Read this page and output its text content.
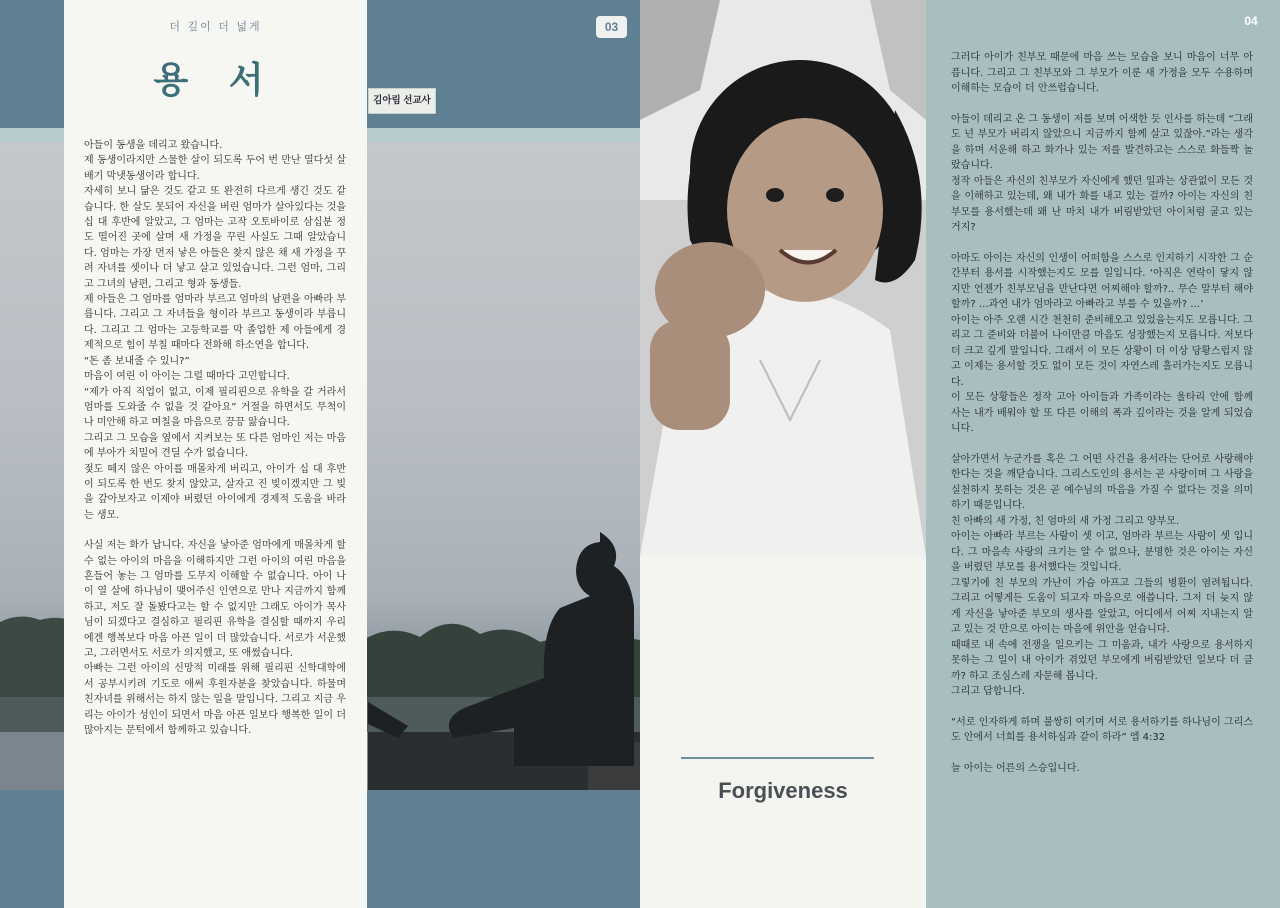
더 깊이 더 넓게
용 서	김아림 선교사
03

아들이 동생을 데리고 왔습니다.

제 동생이라지만 스물한 살이 되도록 두어 번 만난 열다섯 살배기 막냇동생이라 합니다.

자세히 보니 닮은 것도 같고 또 완전히 다르게 생긴 것도 같습니다. 한 살도 못되어 자신을 버린 엄마가 살아있다는 것을 십 대 후반에 알았고, 그 엄마는 고작 오토바이로 삼십분 정도 떨어진 곳에 살며 새 가정을 꾸린 사실도 그때 알았습니다. 엄마는 가장 먼저 낳은 아들은 찾지 않은 채 새 가정을 꾸려 자녀를 셋이나 더 낳고 살고 있었습니다. 그런 엄마, 그리고 그녀의 남편, 그리고 형과 동생들.

제 아들은 그 엄마를 엄마라 부르고 엄마의 남편을 아빠라 부릅니다. 그리고 그 자녀들을 형이라 부르고 동생이라 부릅니다. 그리고 그 엄마는 고등학교를 막 졸업한 제 아들에게 경제적으로 힘이 부칠 때마다 전화해 하소연을 합니다.

“돈 좀 보내줄 수 있니?”

마음이 여린 이 아이는 그럴 때마다 고민합니다.

“제가 아직 직업이 없고, 이제 필리핀으로 유학을 갈 거라서 엄마를 도와줄 수 없을 것 같아요” 거절을 하면서도 무척이나 미안해 하고 며칠을 마음으로 끙끙 앓습니다.

그리고 그 모습을 옆에서 지켜보는 또 다른 엄마인 저는 마음에 부아가 치밀어 견딜 수가 없습니다.

젖도 떼지 않은 아이를 매몰차게 버리고, 아이가 십 대 후반이 되도록 한 번도 찾지 않았고, 살자고 진 빚이겠지만 그 빚을 갚아보자고 이제야 버렸던 아이에게 경제적 도움을 바라는 생모.

사실 저는 화가 납니다. 자신을 낳아준 엄마에게 매몰차게 할 수 없는 아이의 마음을 이해하지만 그런 아이의 여린 마음을 흔들어 놓는 그 엄마를 도무지 이해할 수 없습니다. 아이 나이 열 살에 하나님이 맺어주신 인연으로 만나 지금까지 함께하고, 저도 잘 돌봤다고는 할 수 없지만 그래도 아이가 목사님이 되겠다고 결심하고 필리핀 유학을 결심할 때까지 우리에겐 행복보다 마음 아픈 일이 더 많았습니다. 서로가 서운했고, 그러면서도 서로가 의지했고, 또 애썼습니다.

아빠는 그런 아이의 신망적 미래를 위해 필리핀 신학대학에서 공부시키려 기도로 애써 후원자분을 찾았습니다. 하물며 친자녀를 위해서는 하지 않는 일을 말입니다. 그리고 지금 우리는 아이가 성인이 되면서 마음 아픈 일보다 행복한 일이 더 많아지는 문턱에서 함께하고 있습니다.

Forgiveness
04

그러다 아이가 친부모 때문에 마음 쓰는 모습을 보니 마음이 너무 아픕니다. 그리고 그 친부모와 그 부모가 이룬 새 가정을 모두 수용하며 이해하는 모습이 더 안쓰럽습니다.

아들이 데리고 온 그 동생이 저를 보며 어색한 듯 인사를 하는데 “그래도 넌 부모가 버리지 않았으니 지금까지 함께 살고 있잖아.”라는 생각을 하며 서운해 하고 화가나 있는 저를 발견하고는 스스로 화들짝 놀랐습니다.

정작 아들은 자신의 친부모가 자신에게 했던 일과는 상관없이 모든 것을 이해하고 있는데, 왜 내가 화를 내고 있는 걸까? 아이는 자신의 친부모를 용서했는데 왜 난 마치 내가 버림받았던 아이처럼 굴고 있는 거지?

아마도 아이는 자신의 인생이 어떠함을 스스로 인지하기 시작한 그 순간부터 용서를 시작했는지도 모를 일입니다. ‘아직은 연락이 닿지 않지만 언젠가 친부모님을 만난다면 어찌해야 할까?.. 무슨 말부터 해야 할까? …과연 내가 엄마라고 아빠라고 부를 수 있을까? …’

아이는 아주 오랜 시간 천천히 준비해오고 있었을는지도 모릅니다. 그리고 그 준비와 더불어 나이만큼 마음도 성장했는지 모릅니다. 저보다 더 크고 깊게 말입니다. 그래서 이 모든 상황이 더 이상 당황스럽지 않고 이제는 용서할 것도 없이 모든 것이 자연스레 흘러가는지도 모릅니다.

이 모든 상황들은 정작 고아 아이들과 가족이라는 울타리 안에 함께 사는 내가 배워야 할 또 다른 이해의 폭과 깊이라는 것을 알게 되었습니다.

살아가면서 누군가를 혹은 그 어떤 사건을 용서라는 단어로 사랑해야 한다는 것을 깨닫습니다. 그리스도인의 용서는 곧 사랑이며 그 사랑을 실천하지 못하는 것은 곧 예수님의 마음을 가질 수 없다는 것을 의미하기 때문입니다.

친 아빠의 새 가정, 친 엄마의 새 가정 그리고 양부모.

아이는 아빠라 부르는 사람이 셋 이고, 엄마라 부르는 사람이 셋 입니다. 그 마음속 사랑의 크기는 알 수 없으나, 분명한 것은 아이는 자신을 버렸던 부모를 용서했다는 것입니다.

그렇기에 친 부모의 가난이 가슴 아프고 그들의 병환이 염려됩니다. 그리고 어떻게든 도움이 되고자 마음으로 애씁니다. 그저 더 늦지 않게 자신을 낳아준 부모의 생사를 알았고, 어디에서 어찌 지내는지 알고 있는 것 만으로 아이는 마음에 위안을 얻습니다.

때때로 내 속에 전쟁을 일으키는 그 미움과, 내가 사랑으로 용서하지 못하는 그 일이 내 아이가 겪었던 부모에게 버림받았던 일보다 더 클까? 하고 조심스레 자문해 봅니다.

그리고 답합니다.

“서로 인자하게 하며 불쌍히 여기며 서로 용서하기를 하나님이 그리스도 안에서 너희를 용서하심과 같이 하라” 엡 4:32

늘 아이는 어른의 스승입니다.
